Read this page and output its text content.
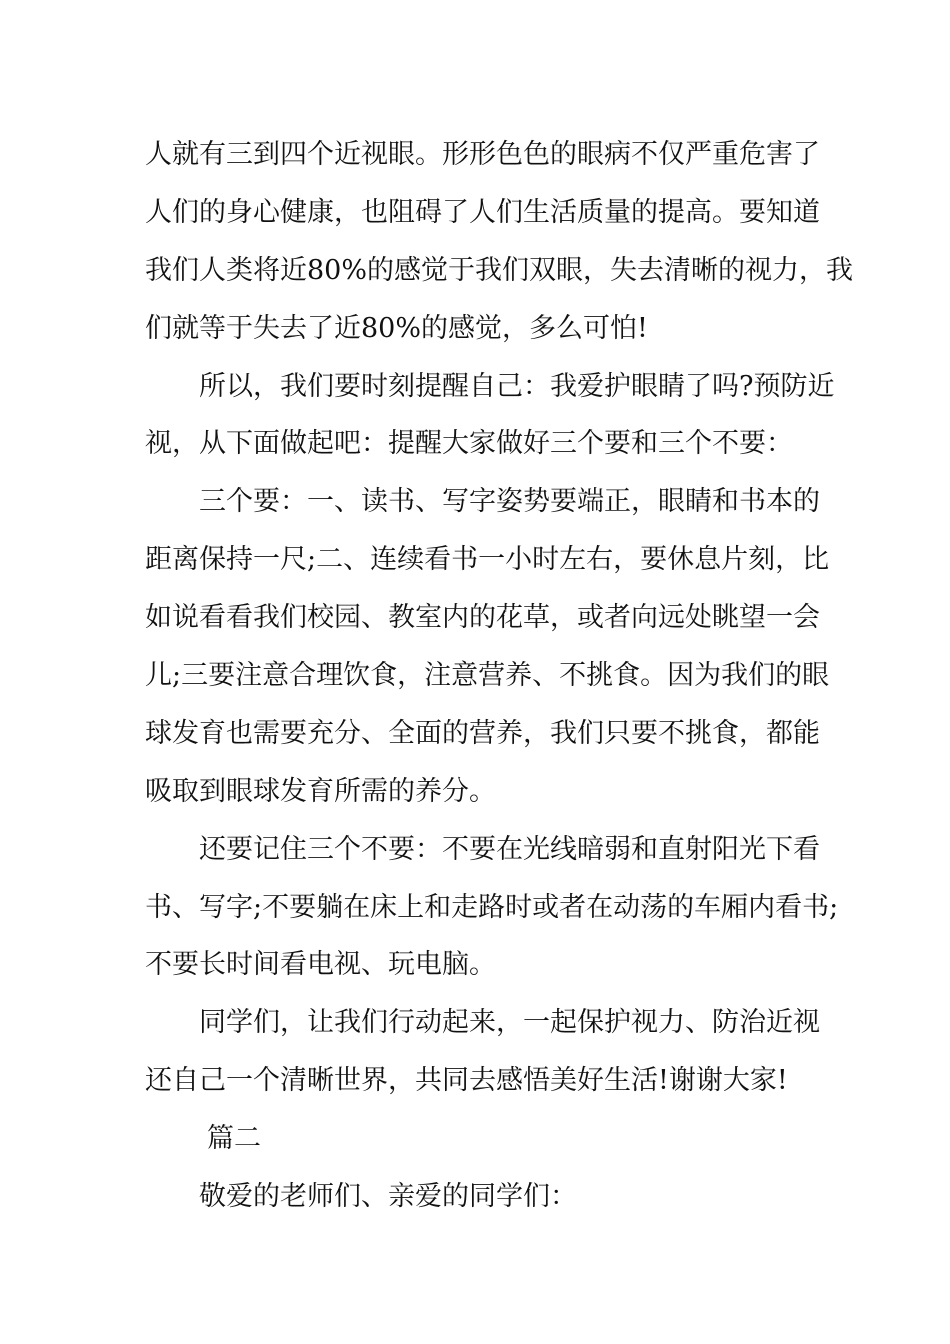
人就有三到四个近视眼。形形色色的眼病不仅严重危害了
人们的身心健康，也阻碍了人们生活质量的提高。要知道
我们人类将近80%的感觉于我们双眼，失去清晰的视力，我
们就等于失去了近80%的感觉，多么可怕!
所以，我们要时刻提醒自己：我爱护眼睛了吗?预防近
视，从下面做起吧：提醒大家做好三个要和三个不要：
三个要：一、读书、写字姿势要端正，眼睛和书本的
距离保持一尺;二、连续看书一小时左右，要休息片刻，比
如说看看我们校园、教室内的花草，或者向远处眺望一会
儿;三要注意合理饮食，注意营养、不挑食。因为我们的眼
球发育也需要充分、全面的营养，我们只要不挑食，都能
吸取到眼球发育所需的养分。
还要记住三个不要：不要在光线暗弱和直射阳光下看
书、写字;不要躺在床上和走路时或者在动荡的车厢内看书;
不要长时间看电视、玩电脑。
同学们，让我们行动起来，一起保护视力、防治近视
还自己一个清晰世界，共同去感悟美好生活!谢谢大家!
篇二
敬爱的老师们、亲爱的同学们：
